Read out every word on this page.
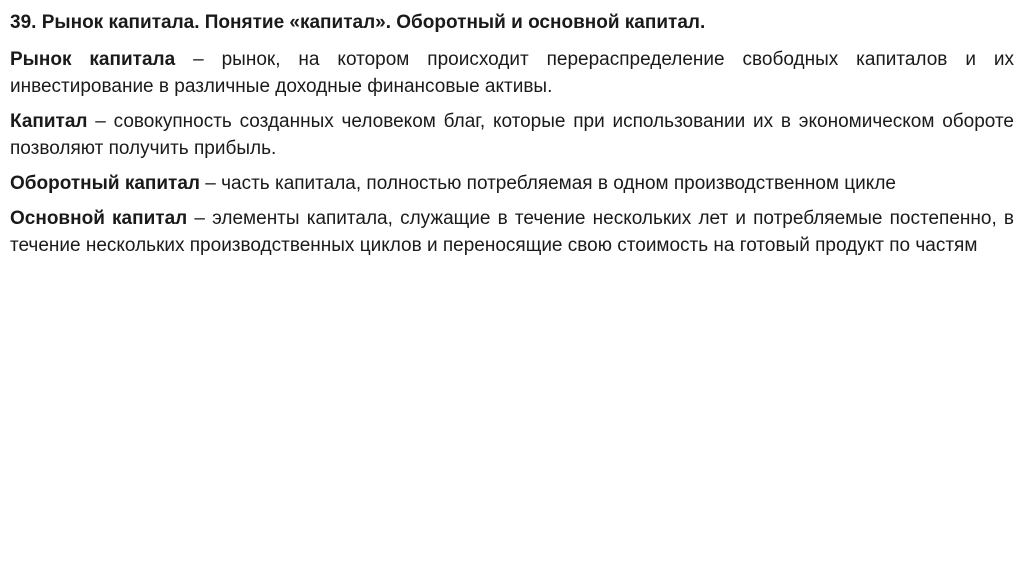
39. Рынок капитала. Понятие «капитал». Оборотный и основной капитал.

Рынок капитала – рынок, на котором происходит перераспределение свободных капиталов и их инвестирование в различные доходные финансовые активы.

Капитал – совокупность созданных человеком благ, которые при использовании их в экономическом обороте позволяют получить прибыль.

Оборотный капитал – часть капитала, полностью потребляемая в одном производственном цикле

Основной капитал – элементы капитала, служащие в течение нескольких лет и потребляемые постепенно, в течение нескольких производственных циклов и переносящие свою стоимость на готовый продукт по частям
